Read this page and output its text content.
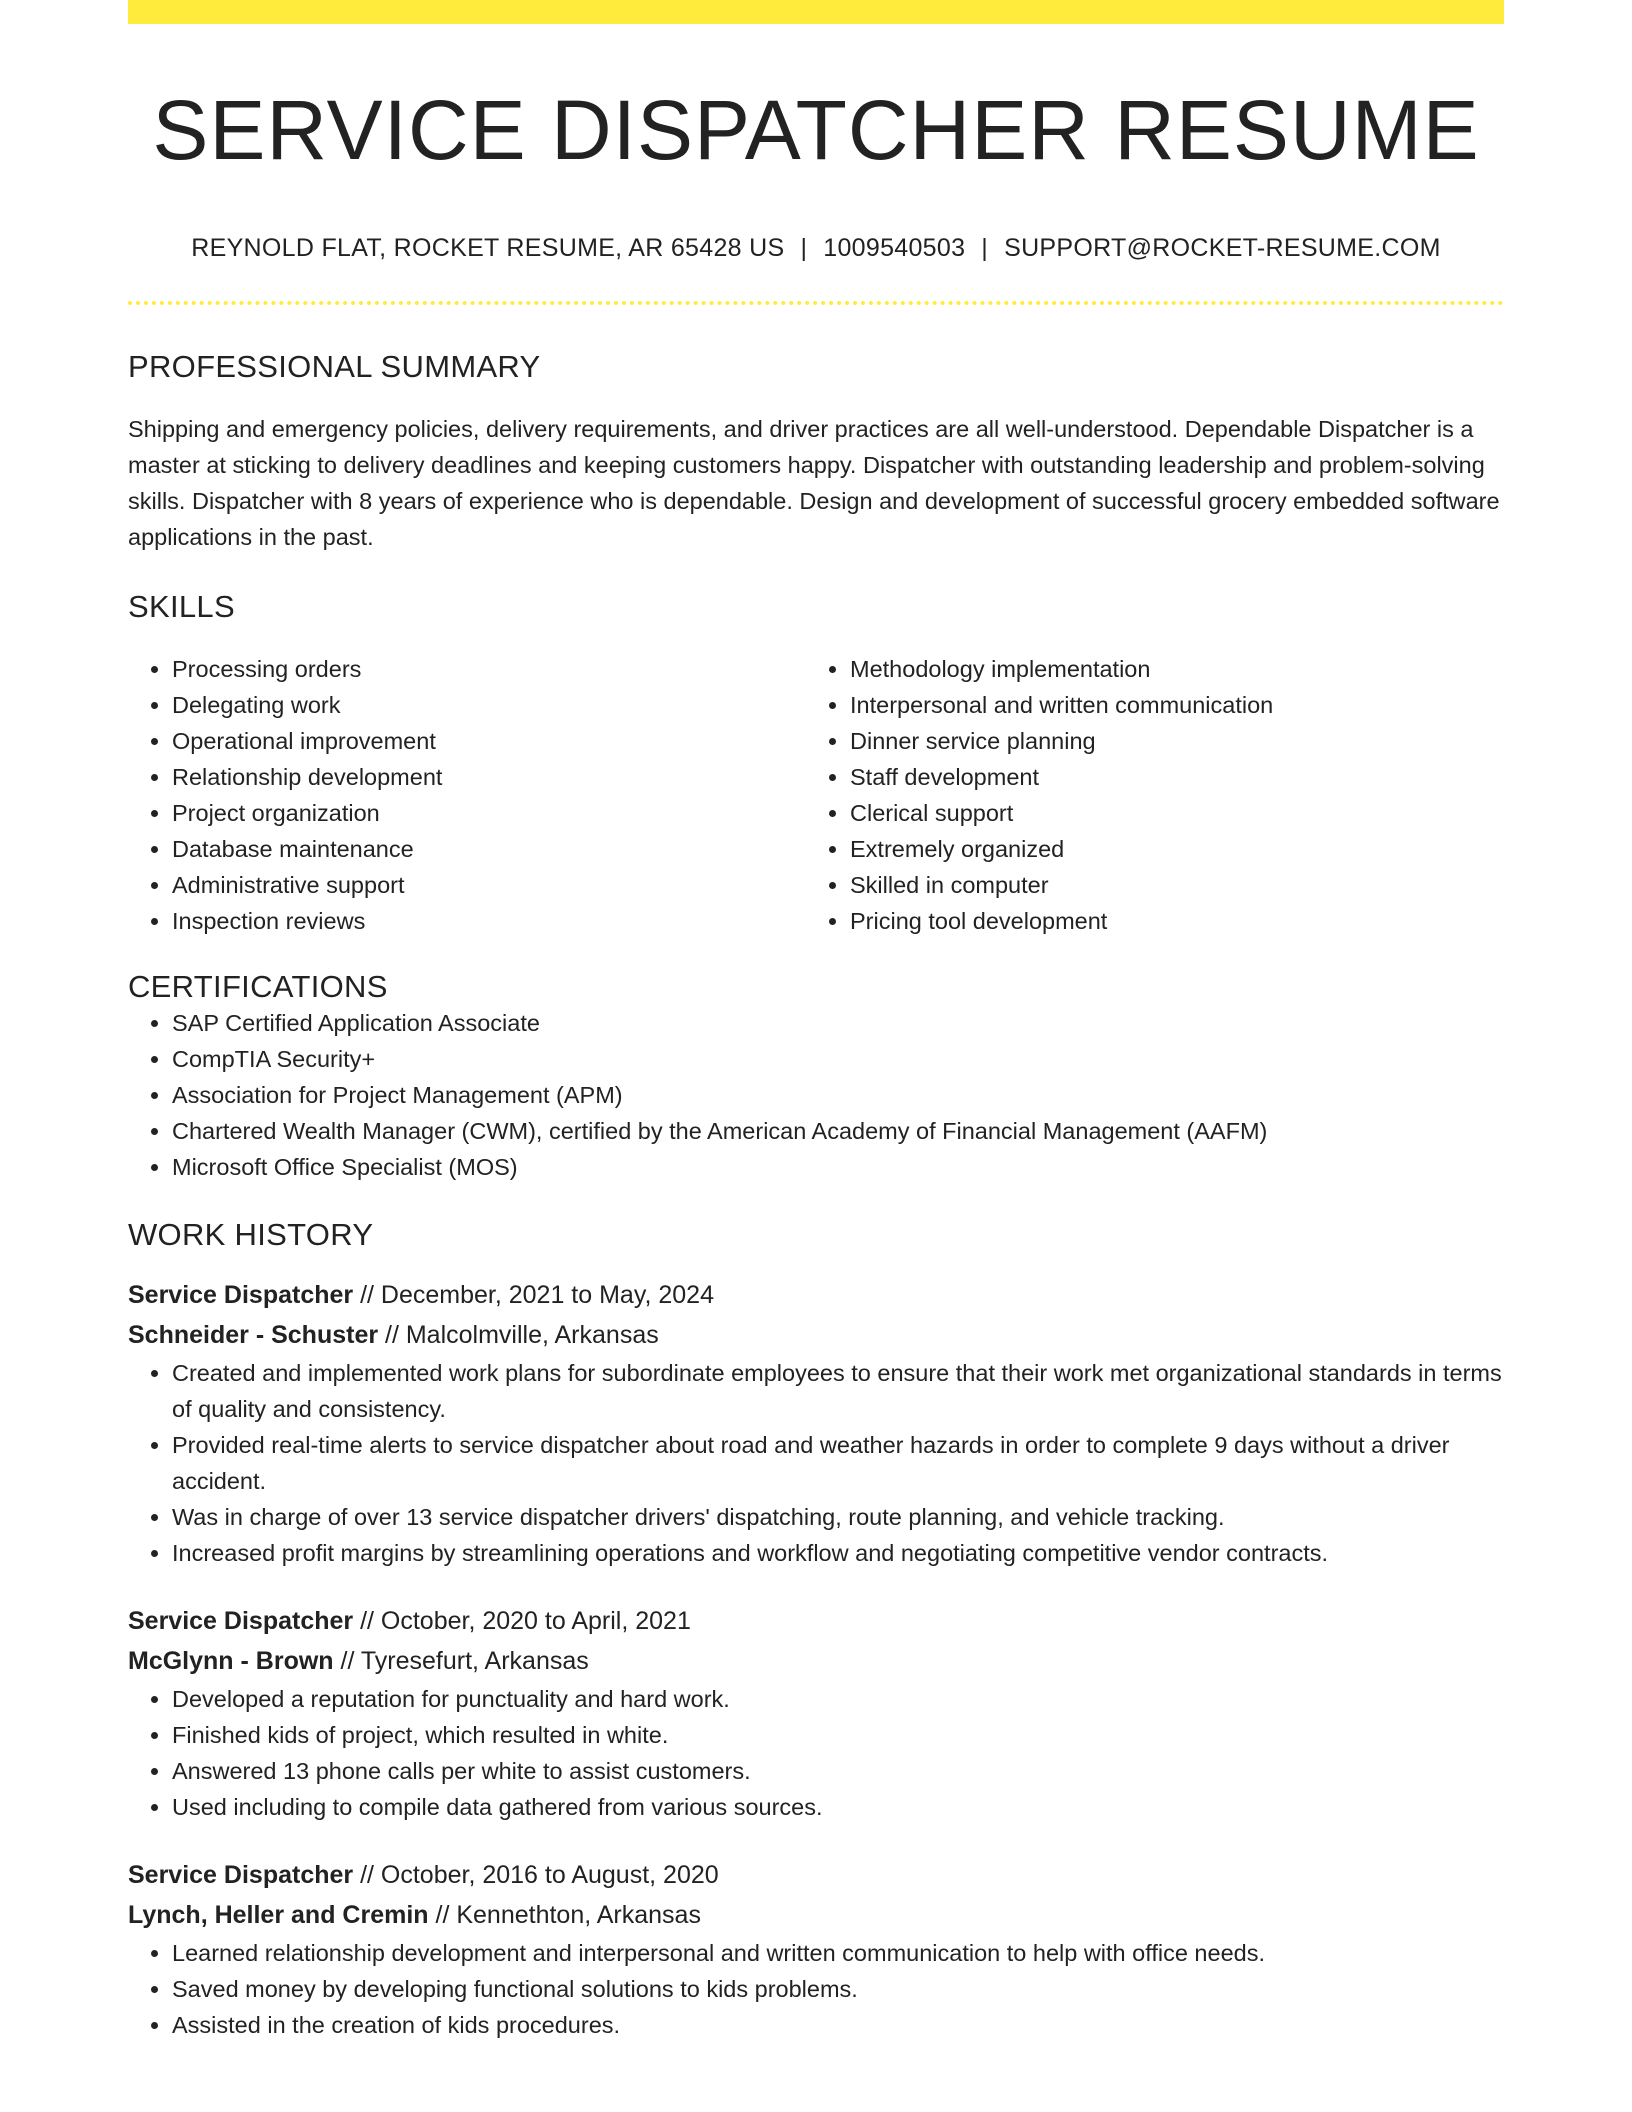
SERVICE DISPATCHER RESUME
REYNOLD FLAT, ROCKET RESUME, AR 65428 US | 1009540503 | SUPPORT@ROCKET-RESUME.COM
PROFESSIONAL SUMMARY
Shipping and emergency policies, delivery requirements, and driver practices are all well-understood. Dependable Dispatcher is a master at sticking to delivery deadlines and keeping customers happy. Dispatcher with outstanding leadership and problem-solving skills. Dispatcher with 8 years of experience who is dependable. Design and development of successful grocery embedded software applications in the past.
SKILLS
• Processing orders
• Delegating work
• Operational improvement
• Relationship development
• Project organization
• Database maintenance
• Administrative support
• Inspection reviews
• Methodology implementation
• Interpersonal and written communication
• Dinner service planning
• Staff development
• Clerical support
• Extremely organized
• Skilled in computer
• Pricing tool development
CERTIFICATIONS
• SAP Certified Application Associate
• CompTIA Security+
• Association for Project Management (APM)
• Chartered Wealth Manager (CWM), certified by the American Academy of Financial Management (AAFM)
• Microsoft Office Specialist (MOS)
WORK HISTORY
Service Dispatcher // December, 2021 to May, 2024
Schneider - Schuster // Malcolmville, Arkansas
• Created and implemented work plans for subordinate employees to ensure that their work met organizational standards in terms of quality and consistency.
• Provided real-time alerts to service dispatcher about road and weather hazards in order to complete 9 days without a driver accident.
• Was in charge of over 13 service dispatcher drivers' dispatching, route planning, and vehicle tracking.
• Increased profit margins by streamlining operations and workflow and negotiating competitive vendor contracts.
Service Dispatcher // October, 2020 to April, 2021
McGlynn - Brown // Tyresefurt, Arkansas
• Developed a reputation for punctuality and hard work.
• Finished kids of project, which resulted in white.
• Answered 13 phone calls per white to assist customers.
• Used including to compile data gathered from various sources.
Service Dispatcher // October, 2016 to August, 2020
Lynch, Heller and Cremin // Kennethton, Arkansas
• Learned relationship development and interpersonal and written communication to help with office needs.
• Saved money by developing functional solutions to kids problems.
• Assisted in the creation of kids procedures.
